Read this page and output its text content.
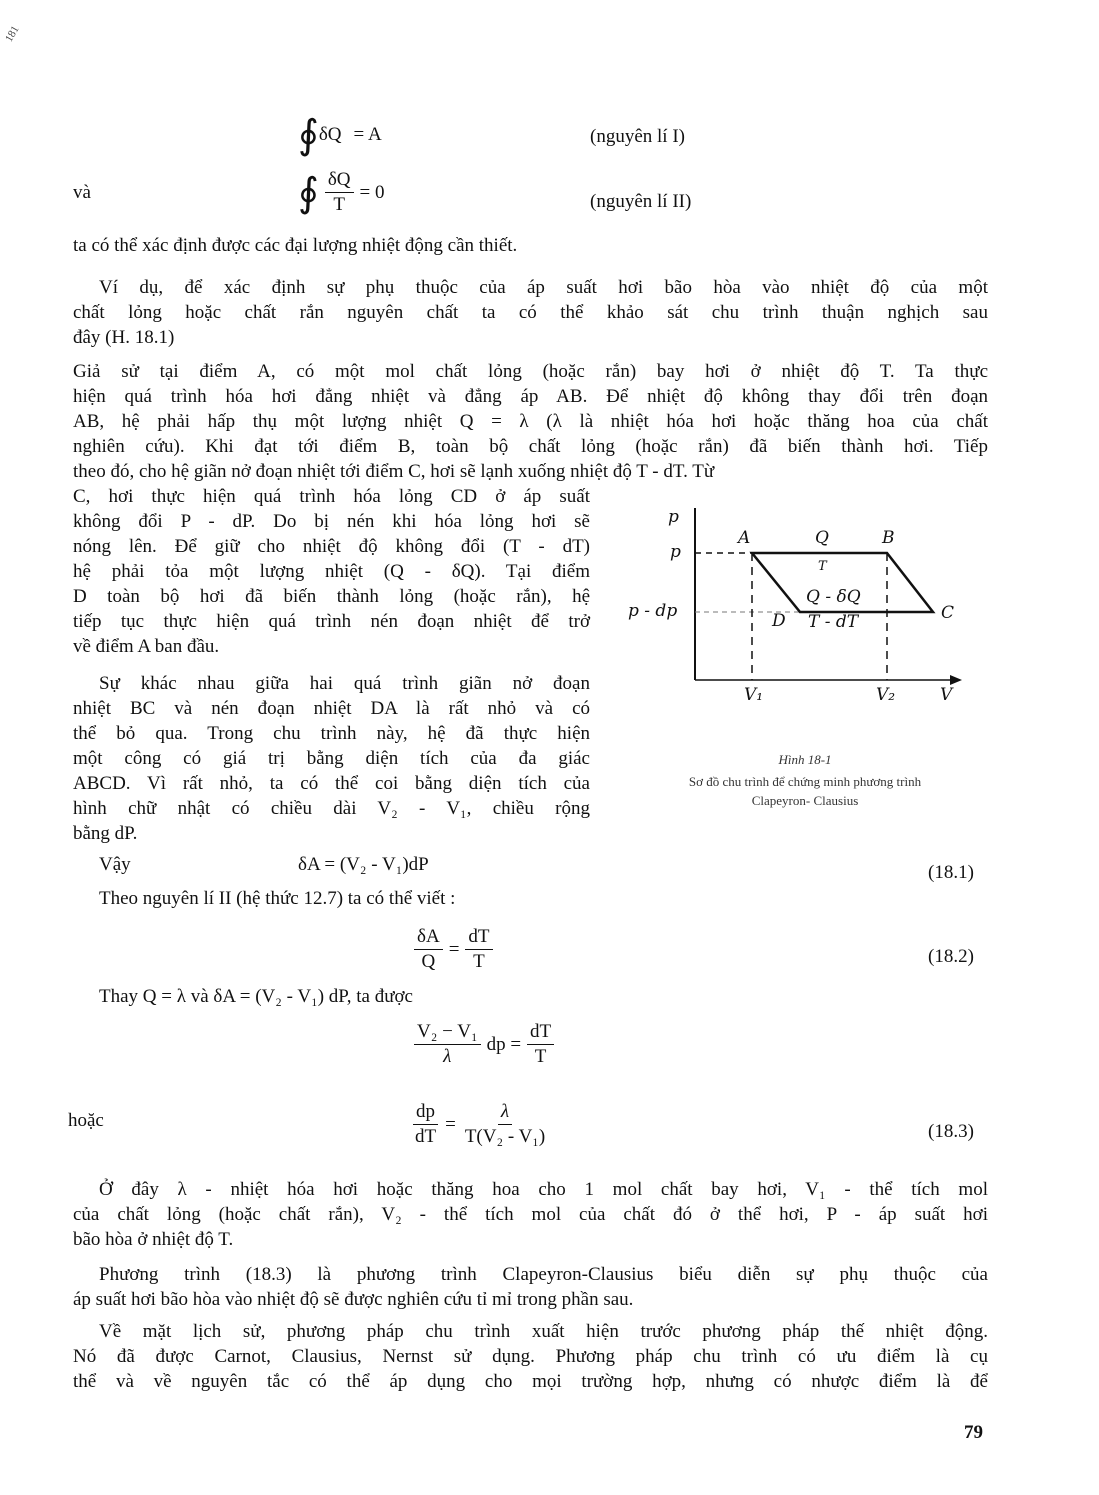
181
∮ δQ = A	(nguyên lí I)
và	∮ $\frac{\delta Q}{T} = 0$	(nguyên lí II)
ta có thể xác định được các đại lượng nhiệt động cần thiết.
Ví dụ, để xác định sự phụ thuộc của áp suất hơi bão hòa vào nhiệt độ của một
chất lỏng hoặc chất rắn nguyên chất ta có thể khảo sát chu trình thuận nghịch sau
đây (H. 18.1)
Giả sử tại điểm A, có một mol chất lỏng (hoặc rắn) bay hơi ở nhiệt độ T. Ta thực
hiện quá trình hóa hơi đẳng nhiệt và đẳng áp AB. Để nhiệt độ không thay đổi trên đoạn
AB, hệ phải hấp thụ một lượng nhiệt Q = λ (λ là nhiệt hóa hơi hoặc thăng hoa của chất
nghiên cứu). Khi đạt tới điểm B, toàn bộ chất lỏng (hoặc rắn) đã biến thành hơi. Tiếp
theo đó, cho hệ giãn nở đoạn nhiệt tới điểm C, hơi sẽ lạnh xuống nhiệt độ T - dT. Từ
C, hơi thực hiện quá trình hóa lỏng CD ở áp suất
không đổi P - dP. Do bị nén khi hóa lỏng hơi sẽ
nóng lên. Để giữ cho nhiệt độ không đổi (T - dT)
hệ phải tỏa một lượng nhiệt (Q - δQ). Tại điểm
D toàn bộ hơi đã biến thành lỏng (hoặc rắn), hệ
tiếp tục thực hiện quá trình nén đoạn nhiệt để trở
về điểm A ban đầu.
Sự khác nhau giữa hai quá trình giãn nở đoạn
nhiệt BC và nén đoạn nhiệt DA là rất nhỏ và có
thể bỏ qua. Trong chu trình này, hệ đã thực hiện
một công có giá trị bằng diện tích của đa giác
ABCD. Vì rất nhỏ, ta có thể coi bằng diện tích của
hình chữ nhật có chiều dài V₂ - V₁, chiều rộng
bằng dP.
p
p
p - dp
A	Q	B
T
Q - δQ
C
D T - dT
V₁	V₂	V
Hình 18-1
Sơ đồ chu trình để chứng minh phương trình
Clapeyron- Clausius
Vậy	δA = (V₂ - V₁)dP	(18.1)
Theo nguyên lí II (hệ thức 12.7) ta có thể viết :
$\frac{\delta A}{Q} = \frac{dT}{T}$	(18.2)
Thay Q = λ và δA = (V₂ - V₁) dP, ta được
$\frac{\text{V₂ − V₁}}{\lambda}$ dp = $\frac{dT}{T}$
hoặc	$\frac{dp}{dT} = \frac{\lambda}{\text{T(V₂ - V₁)}}$	(18.3)
Ở đây λ - nhiệt hóa hơi hoặc thăng hoa cho 1 mol chất bay hơi, V₁ - thể tích mol
của chất lỏng (hoặc chất rắn), V₂ - thể tích mol của chất đó ở thể hơi, P - áp suất hơi
bão hòa ở nhiệt độ T.
Phương trình (18.3) là phương trình Clapeyron-Clausius biểu diễn sự phụ thuộc của
áp suất hơi bão hòa vào nhiệt độ sẽ được nghiên cứu tỉ mỉ trong phần sau.
Về mặt lịch sử, phương pháp chu trình xuất hiện trước phương pháp thế nhiệt động.
Nó đã được Carnot, Clausius, Nernst sử dụng. Phương pháp chu trình có ưu điểm là cụ
thể và về nguyên tắc có thể áp dụng cho mọi trường hợp, nhưng có nhược điểm là để
79
